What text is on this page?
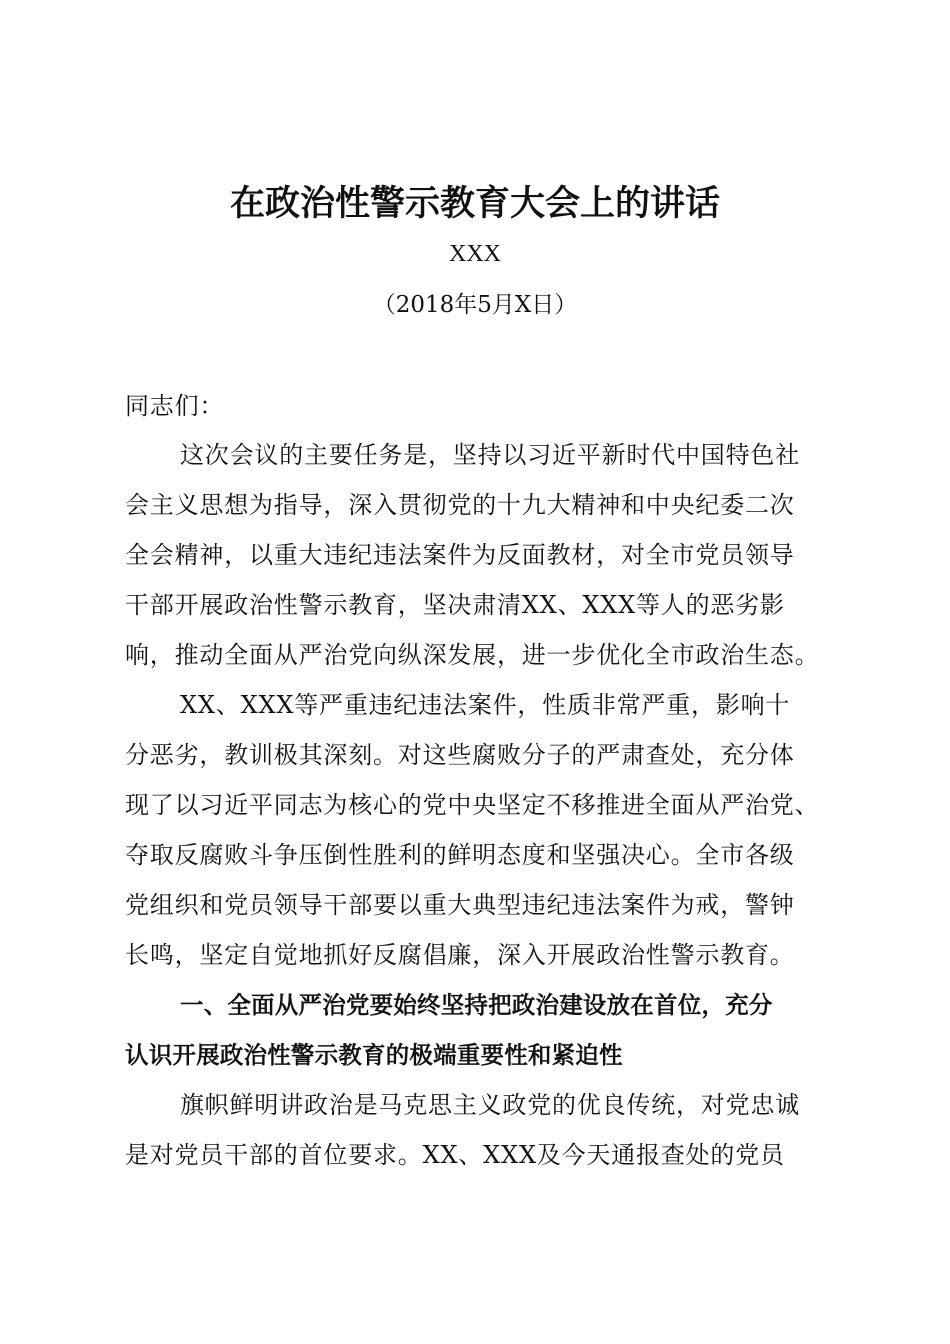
在政治性警示教育大会上的讲话
XXX
（2018年5月X日）
同志们：
这次会议的主要任务是，坚持以习近平新时代中国特色社
会主义思想为指导，深入贯彻党的十九大精神和中央纪委二次
全会精神，以重大违纪违法案件为反面教材，对全市党员领导
干部开展政治性警示教育，坚决肃清XX、XXX等人的恶劣影
响，推动全面从严治党向纵深发展，进一步优化全市政治生态。
XX、XXX等严重违纪违法案件，性质非常严重，影响十
分恶劣，教训极其深刻。对这些腐败分子的严肃查处，充分体
现了以习近平同志为核心的党中央坚定不移推进全面从严治党、
夺取反腐败斗争压倒性胜利的鲜明态度和坚强决心。全市各级
党组织和党员领导干部要以重大典型违纪违法案件为戒，警钟
长鸣，坚定自觉地抓好反腐倡廉，深入开展政治性警示教育。
一、全面从严治党要始终坚持把政治建设放在首位，充分
认识开展政治性警示教育的极端重要性和紧迫性
旗帜鲜明讲政治是马克思主义政党的优良传统，对党忠诚
是对党员干部的首位要求。XX、XXX及今天通报查处的党员
